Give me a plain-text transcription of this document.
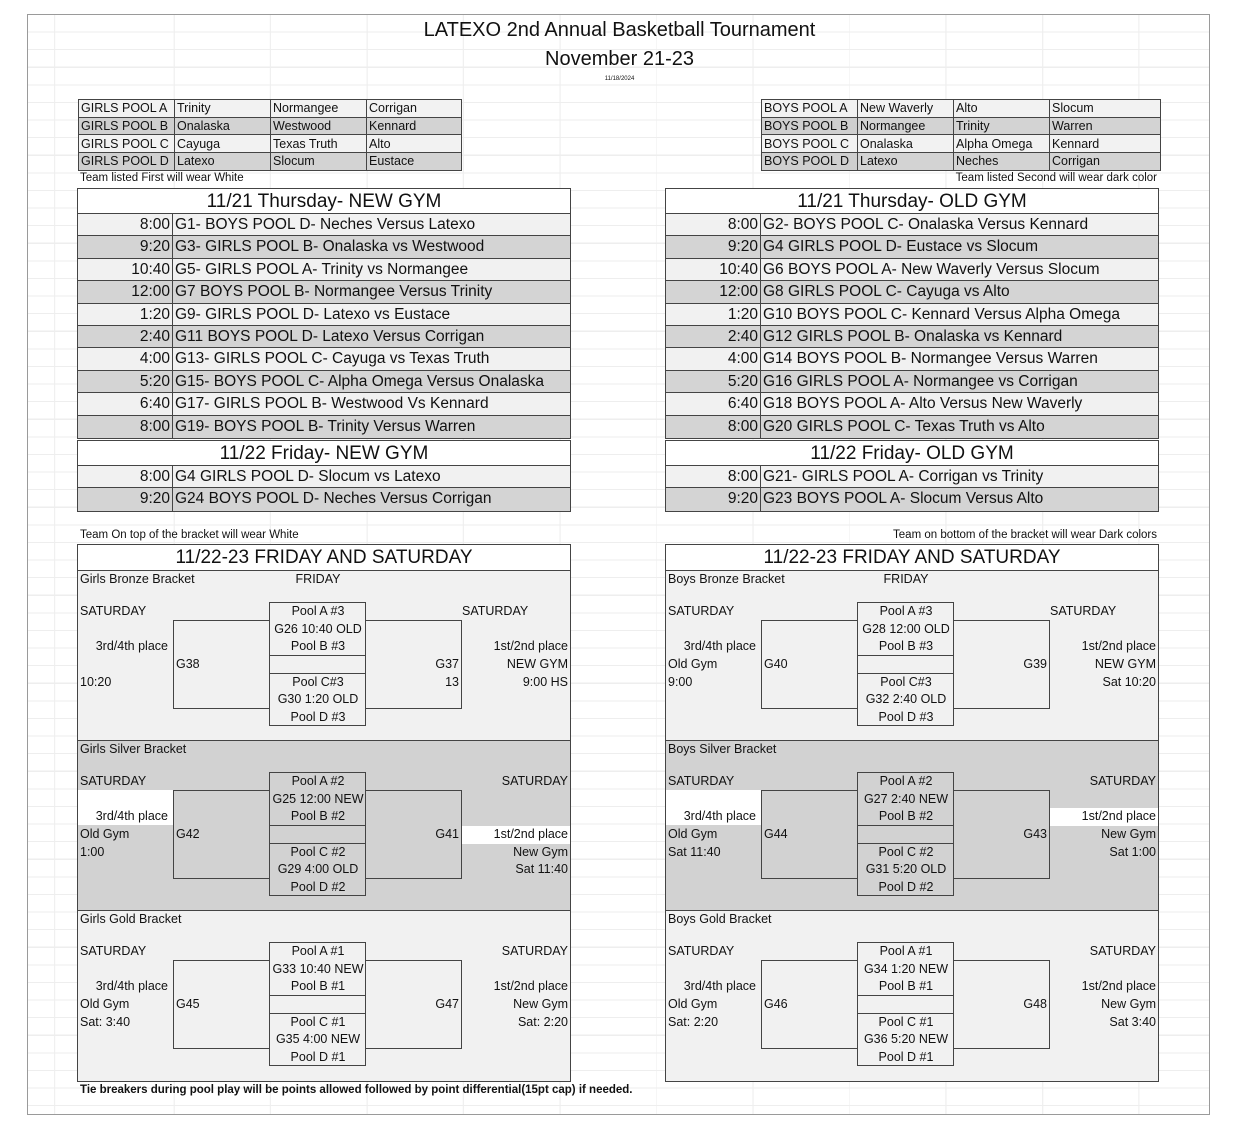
LATEXO 2nd Annual Basketball Tournament
November 21-23
11/18/2024
GIRLS POOL A	Trinity	Normangee	Corrigan
GIRLS POOL B	Onalaska	Westwood	Kennard
GIRLS POOL C	Cayuga	Texas Truth	Alto
GIRLS POOL D	Latexo	Slocum	Eustace
BOYS POOL A	New Waverly	Alto	Slocum
BOYS POOL B	Normangee	Trinity	Warren
BOYS POOL C	Onalaska	Alpha Omega	Kennard
BOYS POOL D	Latexo	Neches	Corrigan
Team listed First will wear White	Team listed Second will wear dark color
11/21 Thursday- NEW GYM
8:00 G1- BOYS POOL D- Neches Versus Latexo
9:20 G3- GIRLS POOL B- Onalaska vs Westwood
10:40 G5- GIRLS POOL A- Trinity vs Normangee
12:00 G7 BOYS POOL B- Normangee Versus Trinity
1:20 G9- GIRLS POOL D- Latexo vs Eustace
2:40 G11 BOYS POOL D- Latexo Versus Corrigan
4:00 G13- GIRLS POOL C- Cayuga vs Texas Truth
5:20 G15- BOYS POOL C- Alpha Omega Versus Onalaska
6:40 G17- GIRLS POOL B- Westwood Vs Kennard
8:00 G19- BOYS POOL B- Trinity Versus Warren
11/21 Thursday- OLD GYM
8:00 G2- BOYS POOL C- Onalaska Versus Kennard
9:20 G4 GIRLS POOL D- Eustace vs Slocum
10:40 G6 BOYS POOL A- New Waverly Versus Slocum
12:00 G8 GIRLS POOL C- Cayuga vs Alto
1:20 G10 BOYS POOL C- Kennard Versus Alpha Omega
2:40 G12 GIRLS POOL B- Onalaska vs Kennard
4:00 G14 BOYS POOL B- Normangee Versus Warren
5:20 G16 GIRLS POOL A- Normangee vs Corrigan
6:40 G18 BOYS POOL A- Alto Versus New Waverly
8:00 G20 GIRLS POOL C- Texas Truth vs Alto
11/22 Friday- NEW GYM
8:00 G4 GIRLS POOL D- Slocum vs Latexo
9:20 G24 BOYS POOL D- Neches Versus Corrigan
11/22 Friday- OLD GYM
8:00 G21- GIRLS POOL A- Corrigan vs Trinity
9:20 G23 BOYS POOL A- Slocum Versus Alto
Team On top of the bracket will wear White	Team on bottom of the bracket will wear Dark colors
11/22-23 FRIDAY AND SATURDAY
Girls Bronze Bracket	FRIDAY
SATURDAY	SATURDAY
Pool A #3
G26 10:40 OLD
Pool B #3
Pool C#3
G30 1:20 OLD
Pool D #3
3rd/4th place
10:20
G38	G37
13
1st/2nd place
NEW GYM
9:00 HS
Girls Silver Bracket
SATURDAY	SATURDAY
Pool A #2
G25 12:00 NEW
Pool B #2
Pool C #2
G29 4:00 OLD
Pool D #2
3rd/4th place
Old Gym
1:00
G42	G41	1st/2nd place
New Gym
Sat 11:40
Girls Gold Bracket
SATURDAY	SATURDAY
Pool A #1
G33 10:40 NEW
Pool B #1
Pool C #1
G35 4:00 NEW
Pool D #1
3rd/4th place
Old Gym
Sat: 3:40
G45	G47
1st/2nd place
New Gym
Sat: 2:20
11/22-23 FRIDAY AND SATURDAY
Boys Bronze Bracket	FRIDAY
SATURDAY	SATURDAY
Pool A #3
G28 12:00 OLD
Pool B #3
Pool C#3
G32 2:40 OLD
Pool D #3
3rd/4th place
Old Gym
9:00
G40	G39
1st/2nd place
NEW GYM
Sat 10:20
Boys Silver Bracket
SATURDAY	SATURDAY
Pool A #2
G27 2:40 NEW
Pool B #2
Pool C #2
G31 5:20 OLD
Pool D #2
3rd/4th place
Old Gym
Sat 11:40
G44	G43
1st/2nd place
New Gym
Sat 1:00
Boys Gold Bracket
SATURDAY	SATURDAY
Pool A #1
G34 1:20 NEW
Pool B #1
Pool C #1
G36 5:20 NEW
Pool D #1
3rd/4th place
Old Gym
Sat: 2:20
G46	G48
1st/2nd place
New Gym
Sat 3:40
Tie breakers during pool play will be points allowed followed by point differential(15pt cap) if needed.
